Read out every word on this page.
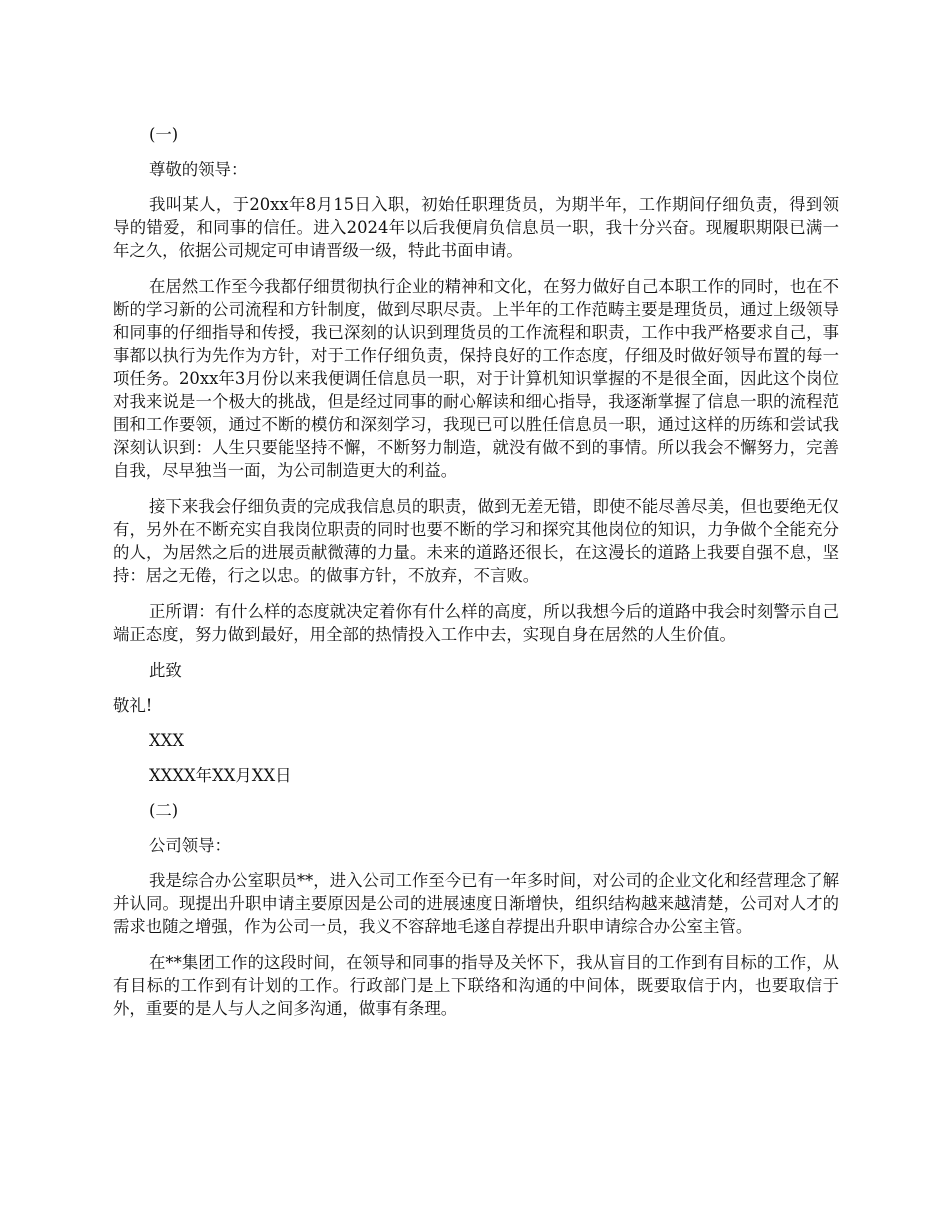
(一)

尊敬的领导：

我叫某人，于20xx年8月15日入职，初始任职理货员，为期半年，工作期间仔细负责，得到领导的错爱，和同事的信任。进入2024年以后我便肩负信息员一职，我十分兴奋。现履职期限已满一年之久，依据公司规定可申请晋级一级，特此书面申请。

在居然工作至今我都仔细贯彻执行企业的精神和文化，在努力做好自己本职工作的同时，也在不断的学习新的公司流程和方针制度，做到尽职尽责。上半年的工作范畴主要是理货员，通过上级领导和同事的仔细指导和传授，我已深刻的认识到理货员的工作流程和职责，工作中我严格要求自己，事事都以执行为先作为方针，对于工作仔细负责，保持良好的工作态度，仔细及时做好领导布置的每一项任务。20xx年3月份以来我便调任信息员一职，对于计算机知识掌握的不是很全面，因此这个岗位对我来说是一个极大的挑战，但是经过同事的耐心解读和细心指导，我逐渐掌握了信息一职的流程范围和工作要领，通过不断的模仿和深刻学习，我现已可以胜任信息员一职，通过这样的历练和尝试我深刻认识到：人生只要能坚持不懈，不断努力制造，就没有做不到的事情。所以我会不懈努力，完善自我，尽早独当一面，为公司制造更大的利益。

接下来我会仔细负责的完成我信息员的职责，做到无差无错，即使不能尽善尽美，但也要绝无仅有，另外在不断充实自我岗位职责的同时也要不断的学习和探究其他岗位的知识，力争做个全能充分的人，为居然之后的进展贡献微薄的力量。未来的道路还很长，在这漫长的道路上我要自强不息，坚持：居之无倦，行之以忠。的做事方针，不放弃，不言败。

正所谓：有什么样的态度就决定着你有什么样的高度，所以我想今后的道路中我会时刻警示自己端正态度，努力做到最好，用全部的热情投入工作中去，实现自身在居然的人生价值。

此致

敬礼!

XXX

XXXX年XX月XX日

(二)

公司领导：

我是综合办公室职员**，进入公司工作至今已有一年多时间，对公司的企业文化和经营理念了解并认同。现提出升职申请主要原因是公司的进展速度日渐增快，组织结构越来越清楚，公司对人才的需求也随之增强，作为公司一员，我义不容辞地毛遂自荐提出升职申请综合办公室主管。

在**集团工作的这段时间，在领导和同事的指导及关怀下，我从盲目的工作到有目标的工作，从有目标的工作到有计划的工作。行政部门是上下联络和沟通的中间体，既要取信于内，也要取信于外，重要的是人与人之间多沟通，做事有条理。
